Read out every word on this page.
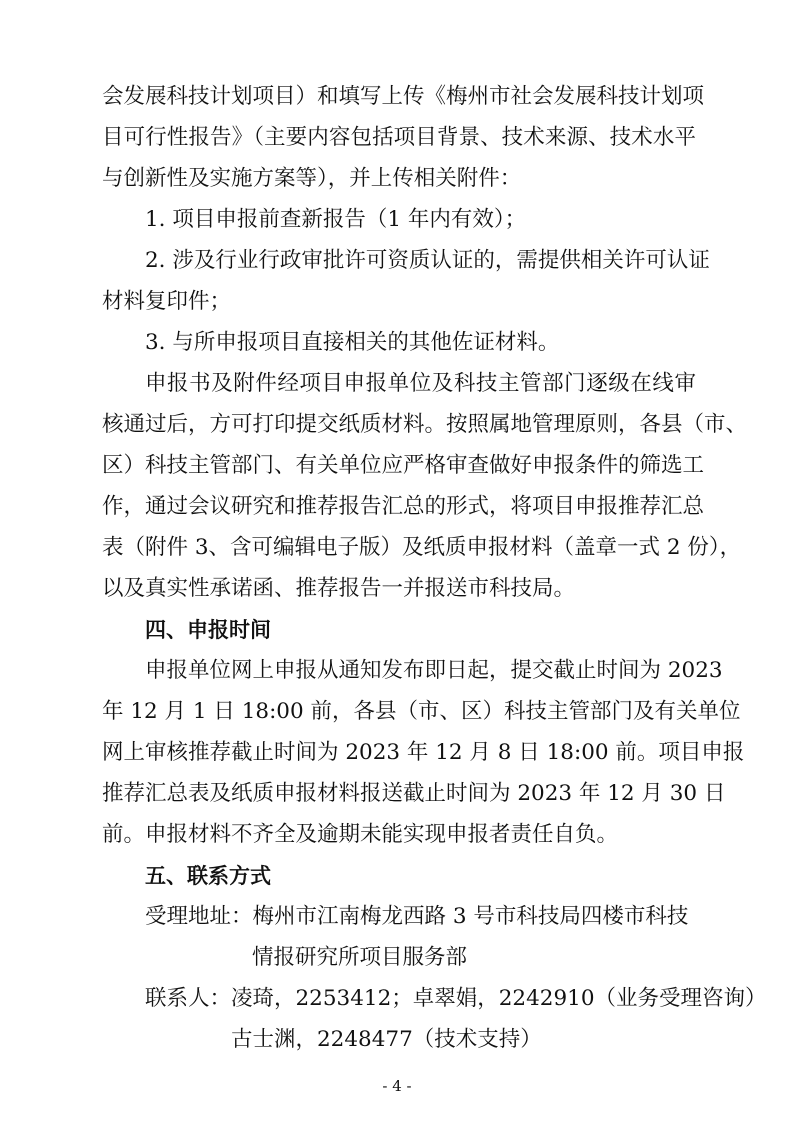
会发展科技计划项目）和填写上传《梅州市社会发展科技计划项
目可行性报告》（主要内容包括项目背景、技术来源、技术水平
与创新性及实施方案等），并上传相关附件：
1. 项目申报前查新报告（1 年内有效）；
2. 涉及行业行政审批许可资质认证的，需提供相关许可认证
材料复印件；
3. 与所申报项目直接相关的其他佐证材料。
申报书及附件经项目申报单位及科技主管部门逐级在线审
核通过后，方可打印提交纸质材料。按照属地管理原则，各县（市、
区）科技主管部门、有关单位应严格审查做好申报条件的筛选工
作，通过会议研究和推荐报告汇总的形式，将项目申报推荐汇总
表（附件 3、含可编辑电子版）及纸质申报材料（盖章一式 2 份），
以及真实性承诺函、推荐报告一并报送市科技局。
四、申报时间
申报单位网上申报从通知发布即日起，提交截止时间为 2023
年 12 月 1 日 18:00 前，各县（市、区）科技主管部门及有关单位
网上审核推荐截止时间为 2023 年 12 月 8 日 18:00 前。项目申报
推荐汇总表及纸质申报材料报送截止时间为 2023 年 12 月 30 日
前。申报材料不齐全及逾期未能实现申报者责任自负。
五、联系方式
受理地址：梅州市江南梅龙西路 3 号市科技局四楼市科技
情报研究所项目服务部
联系人：凌琦，2253412；卓翠娟，2242910（业务受理咨询）
古士渊，2248477（技术支持）
- 4 -
